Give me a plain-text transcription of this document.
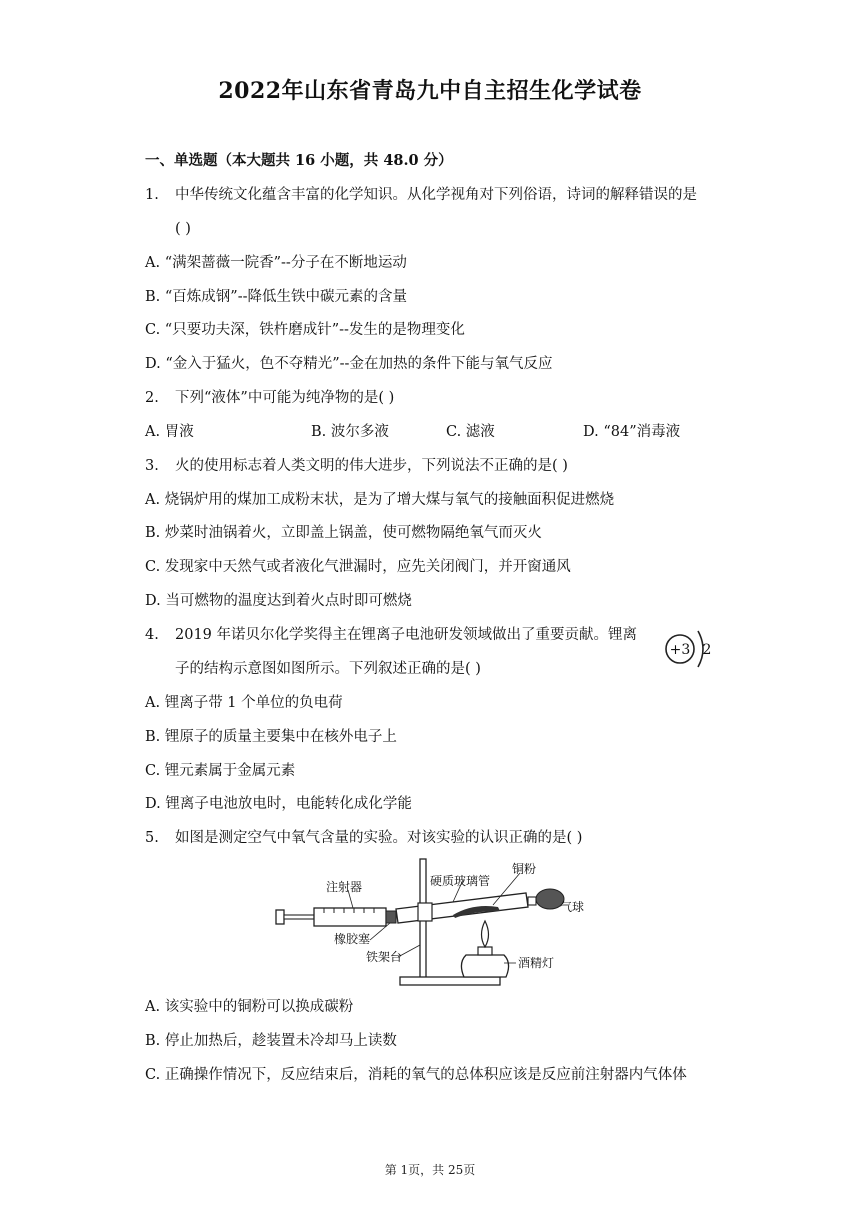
2022年山东省青岛九中自主招生化学试卷
一、单选题（本大题共 16 小题，共 48.0 分）
1. 中华传统文化蕴含丰富的化学知识。从化学视角对下列俗语，诗词的解释错误的是
( )
A. “满架蔷薇一院香”--分子在不断地运动
B. “百炼成钢”--降低生铁中碳元素的含量
C. “只要功夫深，铁杵磨成针”--发生的是物理变化
D. “金入于猛火，色不夺精光”--金在加热的条件下能与氧气反应
2. 下列“液体”中可能为纯净物的是( )
A. 胃液	B. 波尔多液	C. 滤液	D. “84”消毒液
3. 火的使用标志着人类文明的伟大进步，下列说法不正确的是( )
A. 烧锅炉用的煤加工成粉末状，是为了增大煤与氧气的接触面积促进燃烧
B. 炒菜时油锅着火，立即盖上锅盖，使可燃物隔绝氧气而灭火
C. 发现家中天然气或者液化气泄漏时，应先关闭阀门，并开窗通风
D. 当可燃物的温度达到着火点时即可燃烧
4. 2019 年诺贝尔化学奖得主在锂离子电池研发领域做出了重要贡献。锂离
子的结构示意图如图所示。下列叙述正确的是( )
+3 2
A. 锂离子带 1 个单位的负电荷
B. 锂原子的质量主要集中在核外电子上
C. 锂元素属于金属元素
D. 锂离子电池放电时，电能转化成化学能
5. 如图是测定空气中氧气含量的实验。对该实验的认识正确的是( )
注射器	硬质玻璃管
铜粉
气球
橡胶塞
铁架台	酒精灯
A. 该实验中的铜粉可以换成碳粉
B. 停止加热后，趁装置未冷却马上读数
C. 正确操作情况下，反应结束后，消耗的氧气的总体积应该是反应前注射器内气体体
第 1页，共 25页
